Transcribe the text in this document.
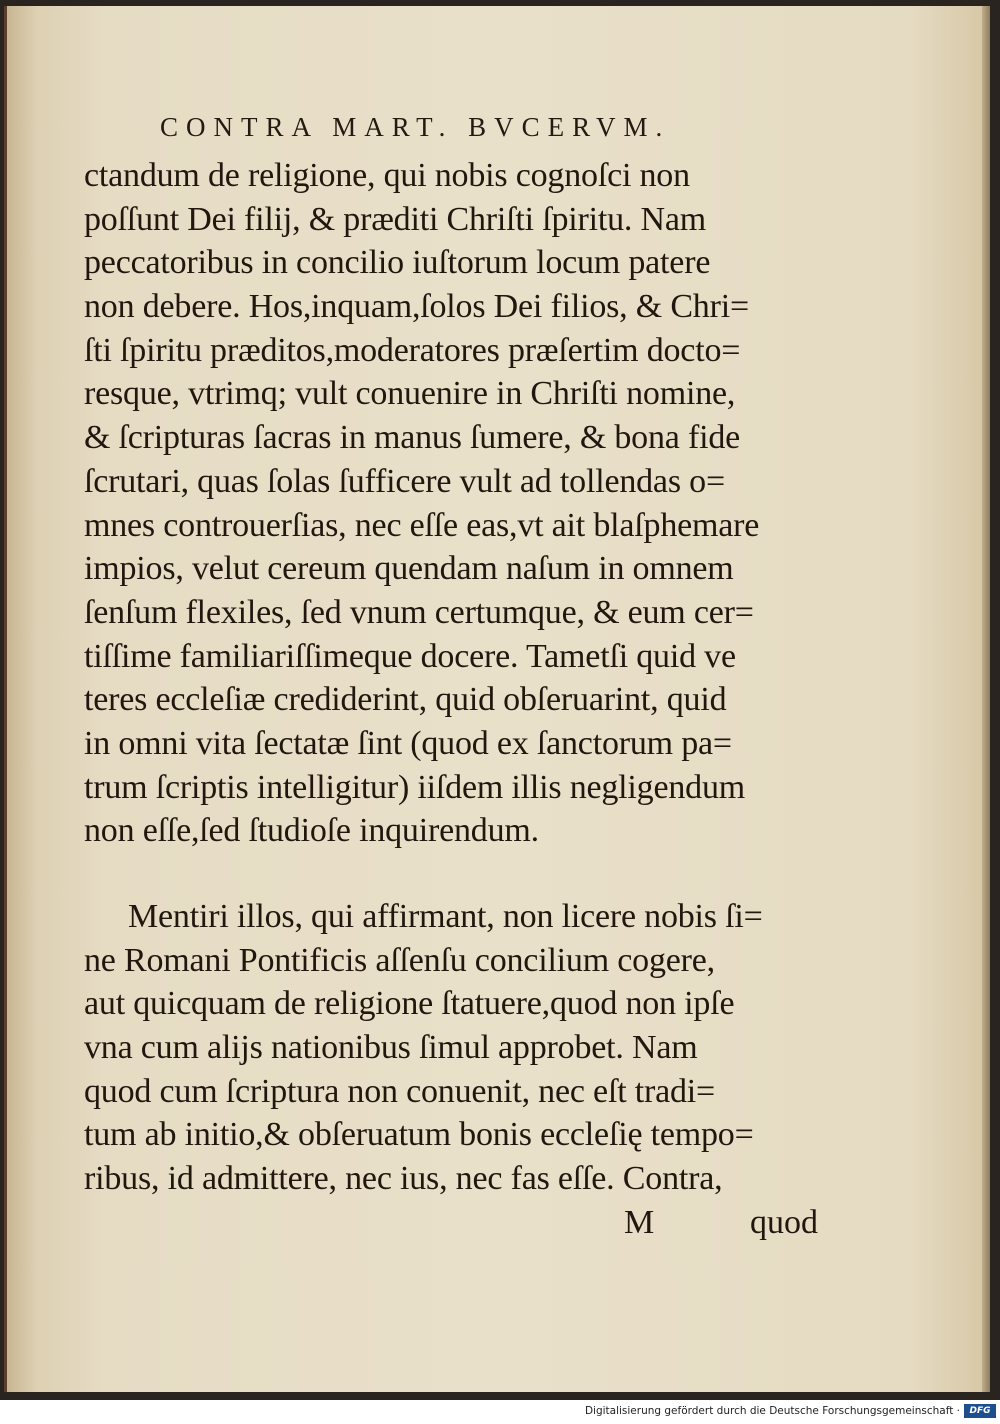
CONTRA MART. BVCERVM.
ctandum de religione, qui nobis cognoſci non
poſſunt Dei filij, & præditi Chriſti ſpiritu. Nam
peccatoribus in concilio iuſtorum locum patere
non debere. Hos,inquam,ſolos Dei filios, & Chri=
ſti ſpiritu præditos,moderatores præſertim docto=
resque, vtrimq; vult conuenire in Chriſti nomine,
& ſcripturas ſacras in manus ſumere, & bona fide
ſcrutari, quas ſolas ſufficere vult ad tollendas o=
mnes controuerſias, nec eſſe eas,vt ait blaſphemare
impios, velut cereum quendam naſum in omnem
ſenſum flexiles, ſed vnum certumque, & eum cer=
tiſſime familiariſſimeque docere. Tametſi quid ve
teres eccleſiæ crediderint, quid obſeruarint, quid
in omni vita ſectatæ ſint (quod ex ſanctorum pa=
trum ſcriptis intelligitur) iiſdem illis negligendum
non eſſe,ſed ſtudioſe inquirendum.
Mentiri illos, qui affirmant, non licere nobis ſi=
ne Romani Pontificis aſſenſu concilium cogere,
aut quicquam de religione ſtatuere,quod non ipſe
vna cum alijs nationibus ſimul approbet. Nam
quod cum ſcriptura non conuenit, nec eſt tradi=
tum ab initio,& obſeruatum bonis eccleſię tempo=
ribus, id admittere, nec ius, nec fas eſſe. Contra,
M	quod
Digitalisierung gefördert durch die Deutsche Forschungsgemeinschaft ·	DFG
